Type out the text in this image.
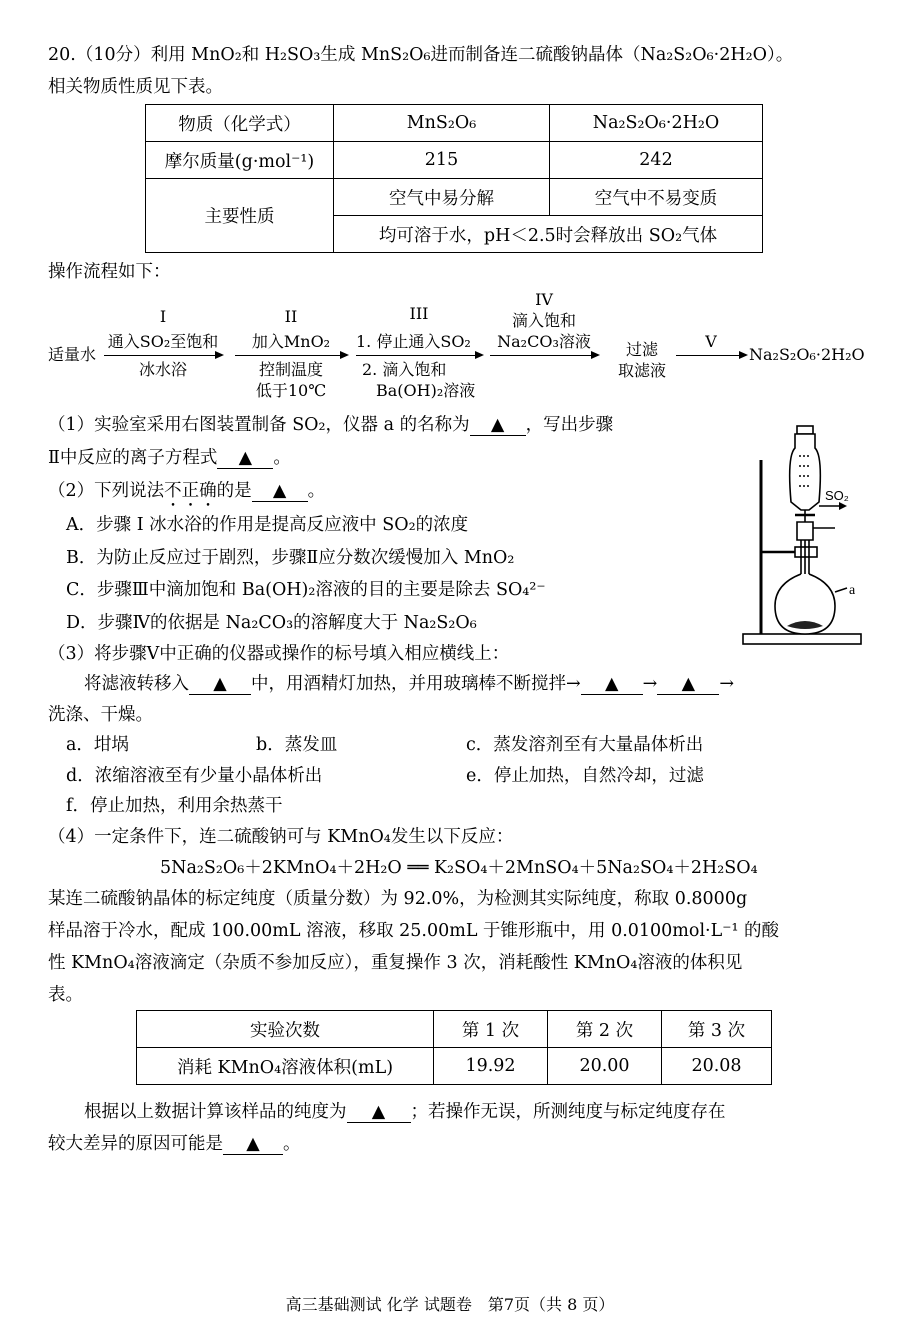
20.（10分）利用 MnO₂和 H₂SO₃生成 MnS₂O₆进而制备连二硫酸钠晶体（Na₂S₂O₆·2H₂O）。
相关物质性质见下表。
物质（化学式）	MnS₂O₆	Na₂S₂O₆·2H₂O
摩尔质量(g·mol⁻¹)	215	242
主要性质	空气中易分解	空气中不易变质
	均可溶于水，pH＜2.5时会释放出 SO₂气体	
操作流程如下：
适量水
I
通入SO₂至饱和
冰水浴
II
加入MnO₂
控制温度
低于10℃
III
1. 停止通入SO₂
2. 滴入饱和
Ba(OH)₂溶液
IV
滴入饱和
Na₂CO₃溶液	过滤
取滤液
V
Na₂S₂O₆·2H₂O
（1）实验室采用右图装置制备 SO₂，仪器 a 的名称为 ▲ ，写出步骤
Ⅱ中反应的离子方程式 ▲ 。
（2）下列说法不正确的是 ▲ 。
A．步骤 I 冰水浴的作用是提高反应液中 SO₂的浓度
B．为防止反应过于剧烈，步骤Ⅱ应分数次缓慢加入 MnO₂
C．步骤Ⅲ中滴加饱和 Ba(OH)₂溶液的目的主要是除去 SO₄²⁻
D．步骤Ⅳ的依据是 Na₂CO₃的溶解度大于 Na₂S₂O₆
SO₂
a
（3）将步骤Ⅴ中正确的仪器或操作的标号填入相应横线上：
将滤液转移入 ▲ 中，用酒精灯加热，并用玻璃棒不断搅拌→ ▲ → ▲ →
洗涤、干燥。
a．坩埚	b．蒸发皿	c．蒸发溶剂至有大量晶体析出
d．浓缩溶液至有少量小晶体析出	e．停止加热，自然冷却，过滤
f．停止加热，利用余热蒸干
（4）一定条件下，连二硫酸钠可与 KMnO₄发生以下反应：
5Na₂S₂O₆＋2KMnO₄＋2H₂O ══ K₂SO₄＋2MnSO₄＋5Na₂SO₄＋2H₂SO₄
某连二硫酸钠晶体的标定纯度（质量分数）为 92.0%，为检测其实际纯度，称取 0.8000g
样品溶于冷水，配成 100.00mL 溶液，移取 25.00mL 于锥形瓶中，用 0.0100mol·L⁻¹ 的酸
性 KMnO₄溶液滴定（杂质不参加反应），重复操作 3 次，消耗酸性 KMnO₄溶液的体积见
表。
实验次数	第 1 次	第 2 次	第 3 次
消耗 KMnO₄溶液体积(mL)	19.92	20.00	20.08
根据以上数据计算该样品的纯度为 ▲ ；若操作无误，所测纯度与标定纯度存在
较大差异的原因可能是 ▲ 。
高三基础测试 化学 试题卷　第7页（共 8 页）
